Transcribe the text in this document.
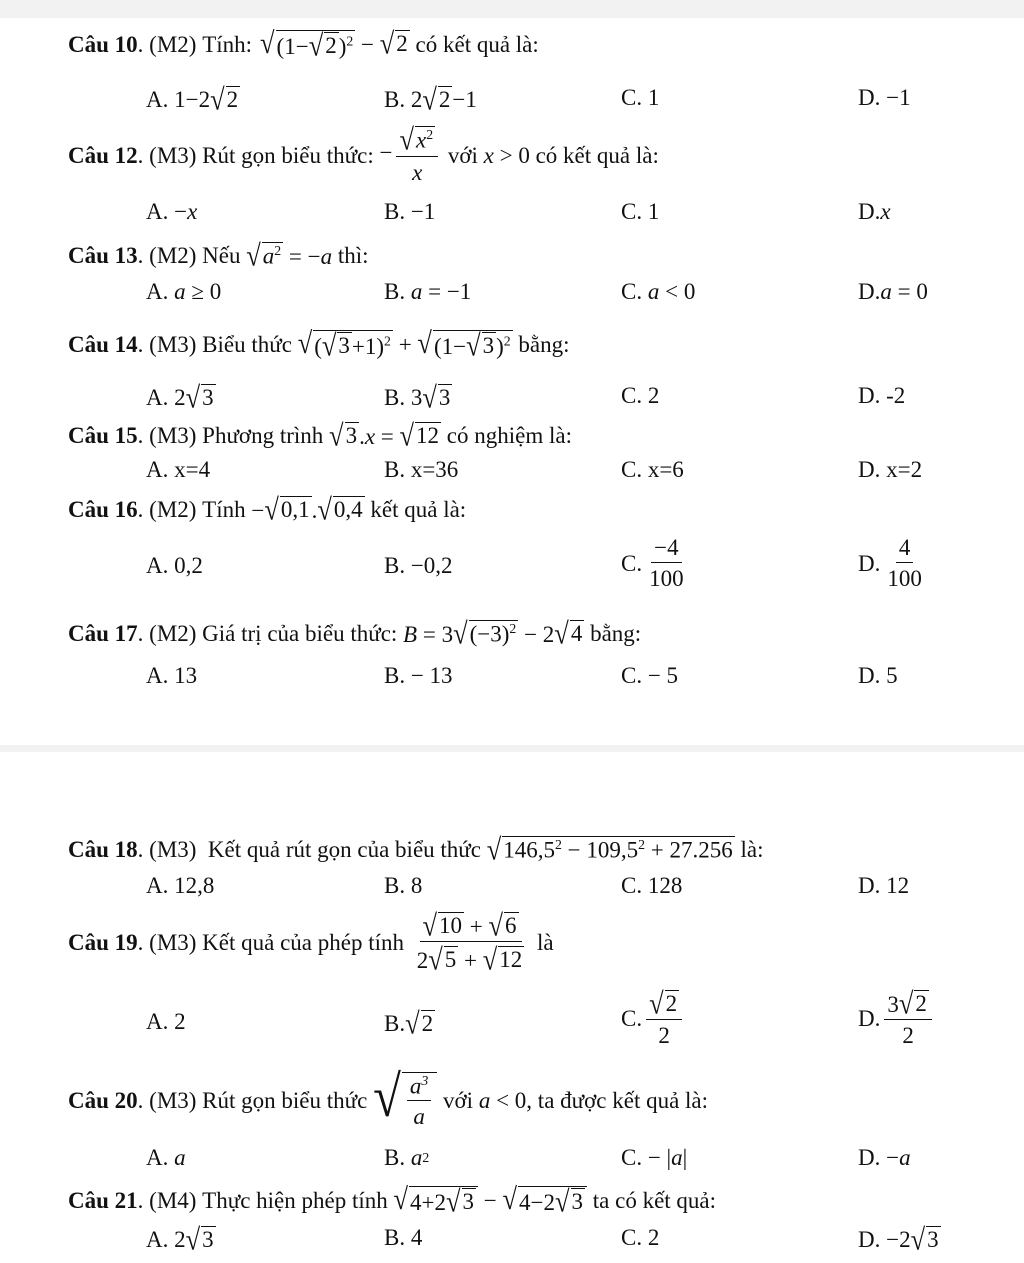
Câu 10 . (M2)
Tính: √ (1− √ 2 )$^2$ − √ 2
có kết quả là:
A. 1−2 √ 2	B. 2 √ 2 −1	C. 1	D. −1
Câu 12 . (M3) Rút gọn biểu thức: − $\frac{√ x^2}{x}$ với x > 0 có kết quả là:
A. − x	B. −1	C. 1	D. x
Câu 13 . (M2) Nếu √ $a^2 = -a$ thì:
A. a ≥ 0	B. a = −1	C. a < 0	D. a = 0
Câu 14 . (M3) Biểu thức √ ( √ 3 +1)$^2$ + √ (1− √ 3 )$^2$ bằng:
A. 2 √ 3	B. 3 √ 3	C. 2	D. -2
Câu 15 . (M3) Phương trình √ 3 .x = √ 12 có nghiệm là:
A. x=4	B. x=36	C. x=6	D. x=2
Câu 16 . (M2) Tính − √ 0,1 . √ 0,4 kết quả là:
A. 0,2	B. −0,2	C. $\frac{-4}{100}$	D. $\frac{4}{100}$
Câu 17 . (M2) Giá trị của biểu thức: B = 3 √ $(-3)^2 - 2$ √ 4 bằng:
A. 13	B. − 13	C. − 5	D. 5
Câu 18 . (M3)  Kết quả rút gọn của biểu thức √ $146,5^2 - 109,5^2 + 27.256$ là:
A. 12,8	B. 8	C. 128	D. 12
Câu 19 . (M3) Kết quả của phép tính $\frac{√ 10 + √ 6}{2 √ 5 + √ 12}$ là
A. 2	B. √ 2	C. $\frac{√ 2}{2}$	D. $\frac{3 √ 2}{2}$
Câu 20 . (M3) Rút gọn biểu thức √ $\frac{a^3}{a}$ với a < 0, ta được kết quả là:
A. a	B. a 2	C. − | a |	D. − a
Câu 21 . (M4) Thực hiện phép tính √ 4+2 √ 3 − √ 4−2 √ 3 ta có kết quả:
A. 2 √ 3	B. 4	C. 2	D. −2 √ 3
